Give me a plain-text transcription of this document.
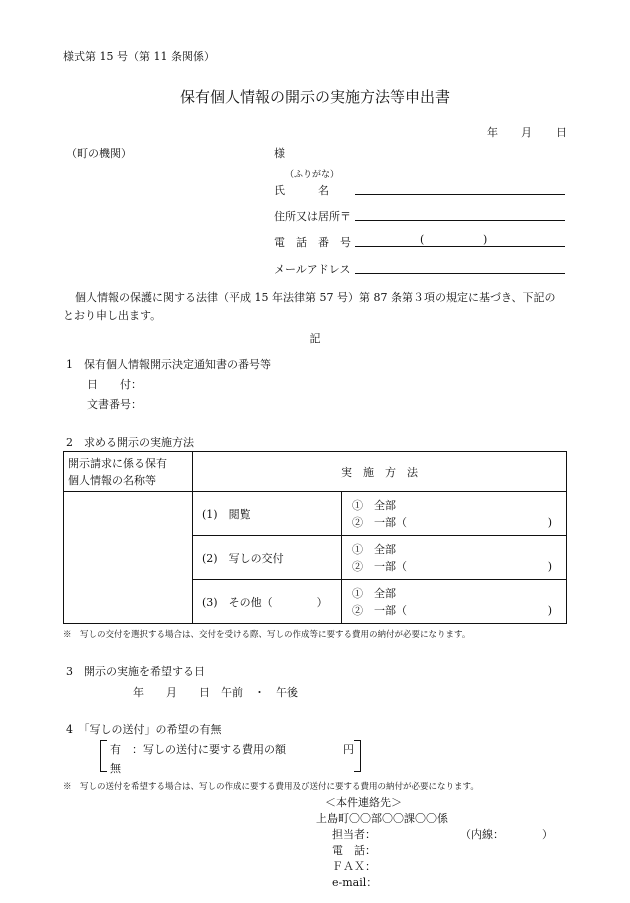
様式第 15 号（第 11 条関係）
保有個人情報の開示の実施方法等申出書
年 月 日
（町の機関）	様
（ふりがな）
氏　　　名
住所又は居所〒
電　話　番　号	(	)
メールアドレス
個人情報の保護に関する法律（平成 15 年法律第 57 号）第 87 条第３項の規定に基づき、下記の
とおり申し出ます。
記
1　保有個人情報開示決定通知書の番号等
日　　付：
文書番号：
2　求める開示の実施方法
開示請求に係る保有
個人情報の名称等	実　施　方　法	
	(1)　閲覧	①　全部
②　一部（ )

	(2)　写しの交付	①　全部
②　一部（ )

	(3)　その他（　　　　）	①　全部
②　一部（ )
※　写しの交付を選択する場合は、交付を受ける際、写しの作成等に要する費用の納付が必要になります。
3　開示の実施を希望する日
年　　月　　日　午前　・　午後
4　「写しの送付」の希望の有無
有　：写しの送付に要する費用の額	円
無
※　写しの送付を希望する場合は、写しの作成に要する費用及び送付に要する費用の納付が必要になります。
＜本件連絡先＞
上島町〇〇部〇〇課〇〇係
担当者：	（内線：	）
電　話：
ＦＡＸ：
e-mail：
